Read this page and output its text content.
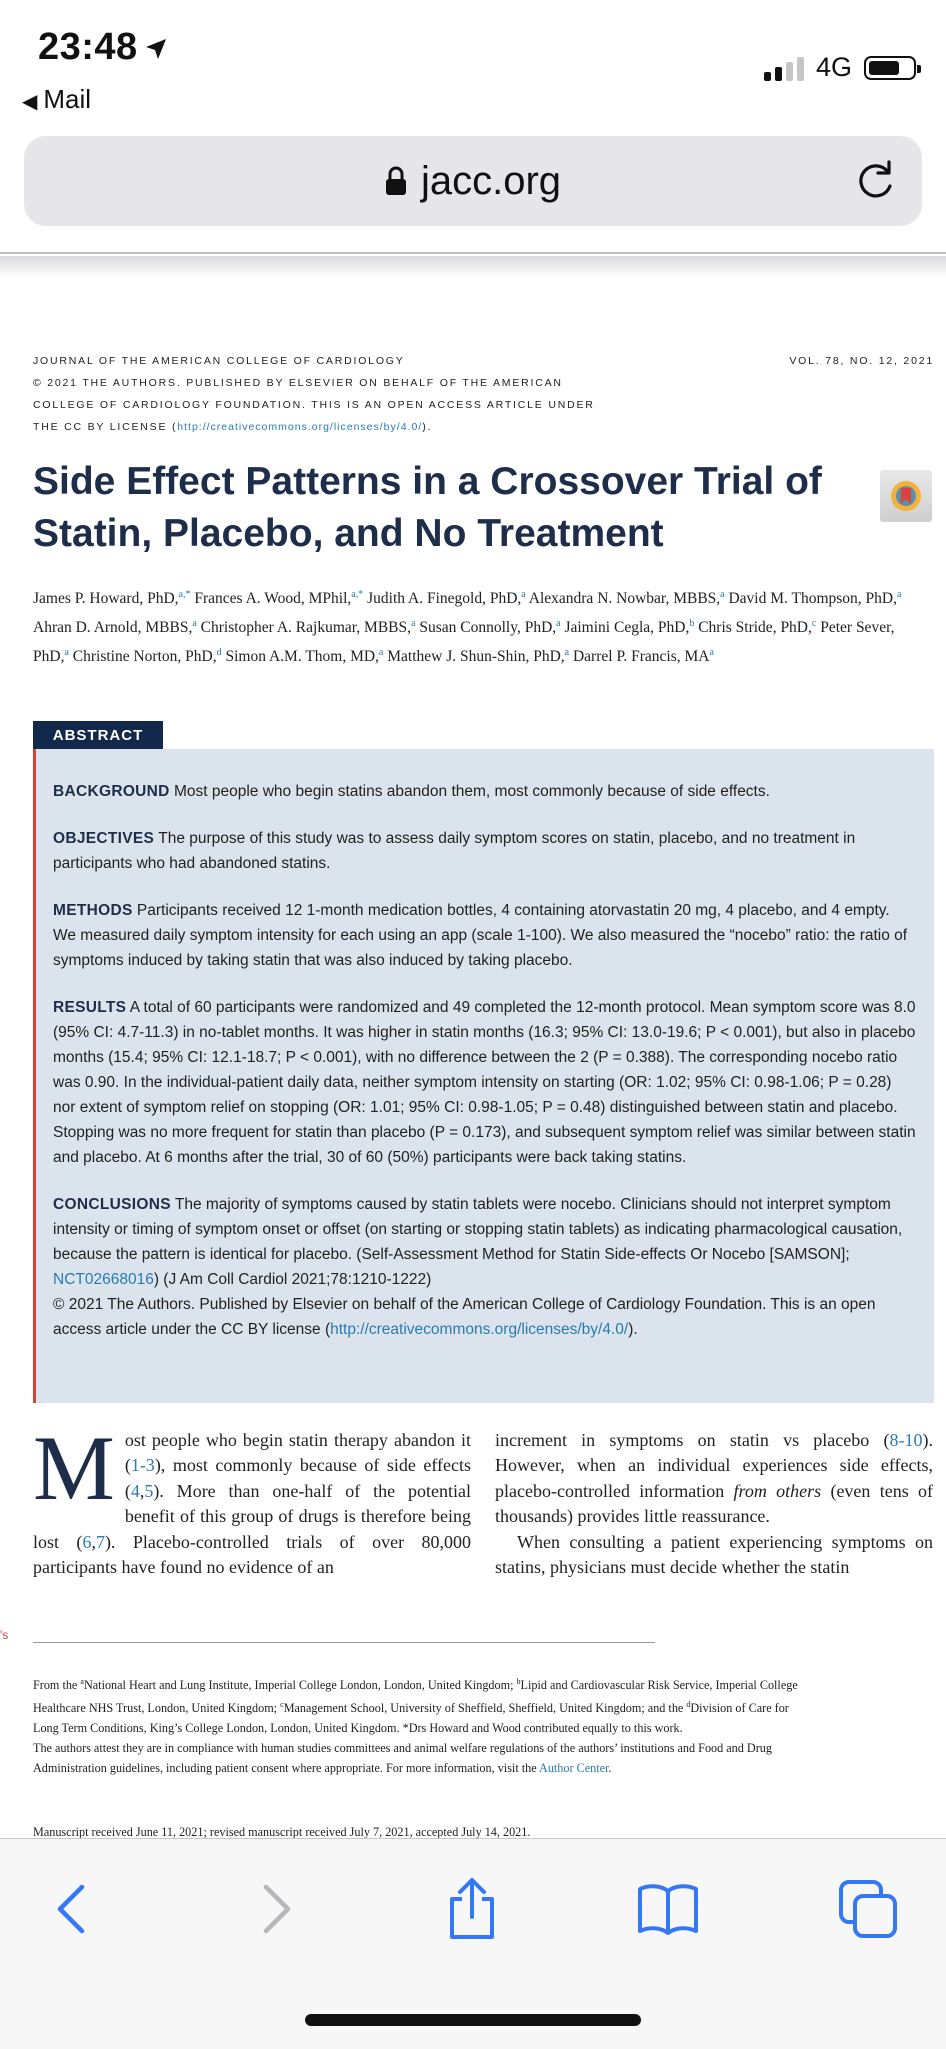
23:48
◀ Mail
4G
jacc.org
JOURNAL OF THE AMERICAN COLLEGE OF CARDIOLOGY
© 2021 THE AUTHORS. PUBLISHED BY ELSEVIER ON BEHALF OF THE AMERICAN
COLLEGE OF CARDIOLOGY FOUNDATION. THIS IS AN OPEN ACCESS ARTICLE UNDER
THE CC BY LICENSE (http://creativecommons.org/licenses/by/4.0/).
VOL. 78, NO. 12, 2021
Side Effect Patterns in a Crossover Trial of Statin, Placebo, and No Treatment
James P. Howard, PhD,$^{a,*}$ Frances A. Wood, MPhil,$^{a,*}$ Judith A. Finegold, PhD,$^a$ Alexandra N. Nowbar, MBBS,$^a$ David M. Thompson, PhD,$^a$ Ahran D. Arnold, MBBS,$^a$ Christopher A. Rajkumar, MBBS,$^a$ Susan Connolly, PhD,$^a$ Jaimini Cegla, PhD,$^b$ Chris Stride, PhD,$^c$ Peter Sever, PhD,$^a$ Christine Norton, PhD,$^d$ Simon A.M. Thom, MD,$^a$ Matthew J. Shun-Shin, PhD,$^a$ Darrel P. Francis, $MA^a$
ABSTRACT

BACKGROUND Most people who begin statins abandon them, most commonly because of side effects.

OBJECTIVES The purpose of this study was to assess daily symptom scores on statin, placebo, and no treatment in participants who had abandoned statins.

METHODS Participants received 12 1-month medication bottles, 4 containing atorvastatin 20 mg, 4 placebo, and 4 empty. We measured daily symptom intensity for each using an app (scale 1-100). We also measured the “nocebo” ratio: the ratio of symptoms induced by taking statin that was also induced by taking placebo.

RESULTS A total of 60 participants were randomized and 49 completed the 12-month protocol. Mean symptom score was 8.0 (95% CI: 4.7-11.3) in no-tablet months. It was higher in statin months (16.3; 95% CI: 13.0-19.6; P < 0.001), but also in placebo months (15.4; 95% CI: 12.1-18.7; P < 0.001), with no difference between the 2 (P = 0.388). The corresponding nocebo ratio was 0.90. In the individual-patient daily data, neither symptom intensity on starting (OR: 1.02; 95% CI: 0.98-1.06; P = 0.28) nor extent of symptom relief on stopping (OR: 1.01; 95% CI: 0.98-1.05; P = 0.48) distinguished between statin and placebo. Stopping was no more frequent for statin than placebo (P = 0.173), and subsequent symptom relief was similar between statin and placebo. At 6 months after the trial, 30 of 60 (50%) participants were back taking statins.

CONCLUSIONS The majority of symptoms caused by statin tablets were nocebo. Clinicians should not interpret symptom intensity or timing of symptom onset or offset (on starting or stopping statin tablets) as indicating pharmacological causation, because the pattern is identical for placebo. (Self-Assessment Method for Statin Side-effects Or Nocebo [SAMSON]; NCT02668016) (J Am Coll Cardiol 2021;78:1210-1222)
© 2021 The Authors. Published by Elsevier on behalf of the American College of Cardiology Foundation. This is an open access article under the CC BY license (http://creativecommons.org/licenses/by/4.0/).

Most people who begin statin therapy abandon it (1-3), most commonly because of side effects (4,5). More than one-half of the potential benefit of this group of drugs is therefore being lost (6,7). Placebo-controlled trials of over 80,000 participants have found no evidence of an

increment in symptoms on statin vs placebo (8-10). However, when an individual experiences side effects, placebo-controlled information from others (even tens of thousands) provides little reassurance.

When consulting a patient experiencing symptoms on statins, physicians must decide whether the statin

's

From the $^a$National Heart and Lung Institute, Imperial College London, London, United Kingdom; $^b$Lipid and Cardiovascular Risk Service, Imperial College Healthcare NHS Trust, London, United Kingdom; $^c$Management School, University of Sheffield, Sheffield, United Kingdom; and the $^d$Division of Care for Long Term Conditions, King’s College London, London, United Kingdom. *Drs Howard and Wood contributed equally to this work.

The authors attest they are in compliance with human studies committees and animal welfare regulations of the authors’ institutions and Food and Drug Administration guidelines, including patient consent where appropriate. For more information, visit the Author Center.

Manuscript received June 11, 2021; revised manuscript received July 7, 2021, accepted July 14, 2021.
